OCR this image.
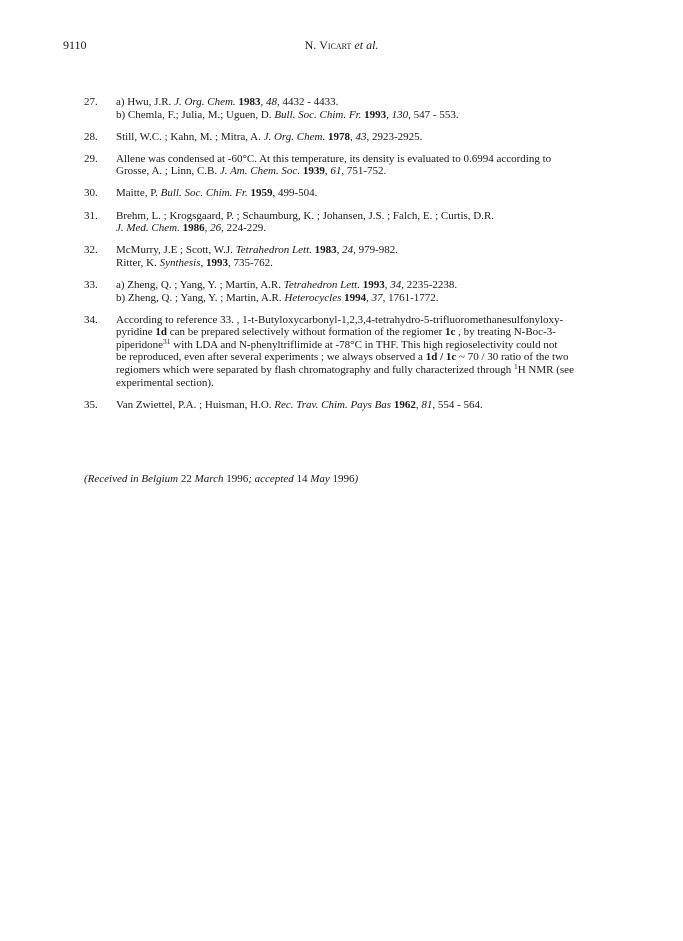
9110	N. Vicart et al.
27.	a) Hwu, J.R. J. Org. Chem. 1983, 48, 4432 - 4433.
b) Chemla, F.; Julia, M.; Uguen, D. Bull. Soc. Chim. Fr. 1993, 130, 547 - 553.
28.	Still, W.C. ; Kahn, M. ; Mitra, A. J. Org. Chem. 1978, 43, 2923-2925.
29.	Allene was condensed at -60°C. At this temperature, its density is evaluated to 0.6994 according to
Grosse, A. ; Linn, C.B. J. Am. Chem. Soc. 1939, 61, 751-752.
30.	Maitte, P. Bull. Soc. Chim. Fr. 1959, 499-504.
31.	Brehm, L. ; Krogsgaard, P. ; Schaumburg, K. ; Johansen, J.S. ; Falch, E. ; Curtis, D.R.
J. Med. Chem. 1986, 26, 224-229.
32.	McMurry, J.E ; Scott, W.J. Tetrahedron Lett. 1983, 24, 979-982.
Ritter, K. Synthesis, 1993, 735-762.
33.	a) Zheng, Q. ; Yang, Y. ; Martin, A.R. Tetrahedron Lett. 1993, 34, 2235-2238.
b) Zheng, Q. ; Yang, Y. ; Martin, A.R. Heterocycles 1994, 37, 1761-1772.
34.	According to reference 33. , 1-t-Butyloxycarbonyl-1,2,3,4-tetrahydro-5-trifluoromethanesulfonyloxy-
pyridine 1d can be prepared selectively without formation of the regiomer 1c , by treating N-Boc-3-
piperidone$^{31}$ with LDA and N-phenyltriflimide at -78°C in THF. This high regioselectivity could not
be reproduced, even after several experiments ; we always observed a 1d / 1c ~ 70 / 30 ratio of the two
regiomers which were separated by flash chromatography and fully characterized through $^1$H NMR (see
experimental section).
35.	Van Zwiettel, P.A. ; Huisman, H.O. Rec. Trav. Chim. Pays Bas 1962, 81, 554 - 564.
(Received in Belgium 22 March 1996; accepted 14 May 1996)
